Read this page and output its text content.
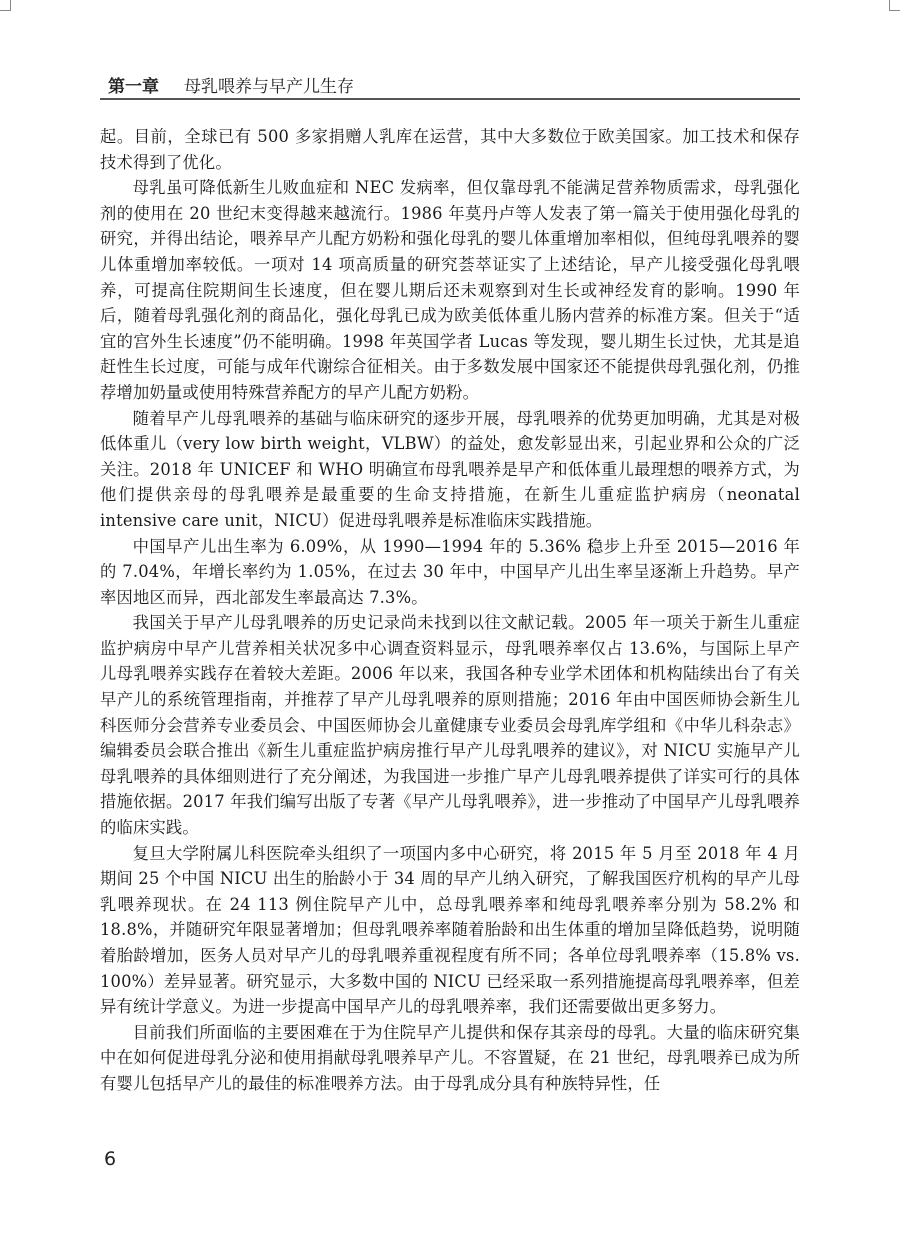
第一章 母乳喂养与早产儿生存

起。目前，全球已有 500 多家捐赠人乳库在运营，其中大多数位于欧美国家。加工技术和保存技术得到了优化。

母乳虽可降低新生儿败血症和 NEC 发病率，但仅靠母乳不能满足营养物质需求，母乳强化剂的使用在 20 世纪末变得越来越流行。1986 年莫丹卢等人发表了第一篇关于使用强化母乳的研究，并得出结论，喂养早产儿配方奶粉和强化母乳的婴儿体重增加率相似，但纯母乳喂养的婴儿体重增加率较低。一项对 14 项高质量的研究荟萃证实了上述结论，早产儿接受强化母乳喂养，可提高住院期间生长速度，但在婴儿期后还未观察到对生长或神经发育的影响。1990 年后，随着母乳强化剂的商品化，强化母乳已成为欧美低体重儿肠内营养的标准方案。但关于“适宜的宫外生长速度”仍不能明确。1998 年英国学者 Lucas 等发现，婴儿期生长过快，尤其是追赶性生长过度，可能与成年代谢综合征相关。由于多数发展中国家还不能提供母乳强化剂，仍推荐增加奶量或使用特殊营养配方的早产儿配方奶粉。

随着早产儿母乳喂养的基础与临床研究的逐步开展，母乳喂养的优势更加明确，尤其是对极低体重儿（very low birth weight，VLBW）的益处，愈发彰显出来，引起业界和公众的广泛关注。2018 年 UNICEF 和 WHO 明确宣布母乳喂养是早产和低体重儿最理想的喂养方式，为他们提供亲母的母乳喂养是最重要的生命支持措施，在新生儿重症监护病房（neonatal intensive care unit，NICU）促进母乳喂养是标准临床实践措施。

中国早产儿出生率为 6.09%，从 1990—1994 年的 5.36% 稳步上升至 2015—2016 年的 7.04%，年增长率约为 1.05%，在过去 30 年中，中国早产儿出生率呈逐渐上升趋势。早产率因地区而异，西北部发生率最高达 7.3%。

我国关于早产儿母乳喂养的历史记录尚未找到以往文献记载。2005 年一项关于新生儿重症监护病房中早产儿营养相关状况多中心调查资料显示，母乳喂养率仅占 13.6%，与国际上早产儿母乳喂养实践存在着较大差距。2006 年以来，我国各种专业学术团体和机构陆续出台了有关早产儿的系统管理指南，并推荐了早产儿母乳喂养的原则措施；2016 年由中国医师协会新生儿科医师分会营养专业委员会、中国医师协会儿童健康专业委员会母乳库学组和《中华儿科杂志》编辑委员会联合推出《新生儿重症监护病房推行早产儿母乳喂养的建议》，对 NICU 实施早产儿母乳喂养的具体细则进行了充分阐述，为我国进一步推广早产儿母乳喂养提供了详实可行的具体措施依据。2017 年我们编写出版了专著《早产儿母乳喂养》，进一步推动了中国早产儿母乳喂养的临床实践。

复旦大学附属儿科医院牵头组织了一项国内多中心研究，将 2015 年 5 月至 2018 年 4 月期间 25 个中国 NICU 出生的胎龄小于 34 周的早产儿纳入研究，了解我国医疗机构的早产儿母乳喂养现状。在 24 113 例住院早产儿中，总母乳喂养率和纯母乳喂养率分别为 58.2% 和 18.8%，并随研究年限显著增加；但母乳喂养率随着胎龄和出生体重的增加呈降低趋势，说明随着胎龄增加，医务人员对早产儿的母乳喂养重视程度有所不同；各单位母乳喂养率（15.8% vs. 100%）差异显著。研究显示，大多数中国的 NICU 已经采取一系列措施提高母乳喂养率，但差异有统计学意义。为进一步提高中国早产儿的母乳喂养率，我们还需要做出更多努力。

目前我们所面临的主要困难在于为住院早产儿提供和保存其亲母的母乳。大量的临床研究集中在如何促进母乳分泌和使用捐献母乳喂养早产儿。不容置疑，在 21 世纪，母乳喂养已成为所有婴儿包括早产儿的最佳的标准喂养方法。由于母乳成分具有种族特异性，任

6
